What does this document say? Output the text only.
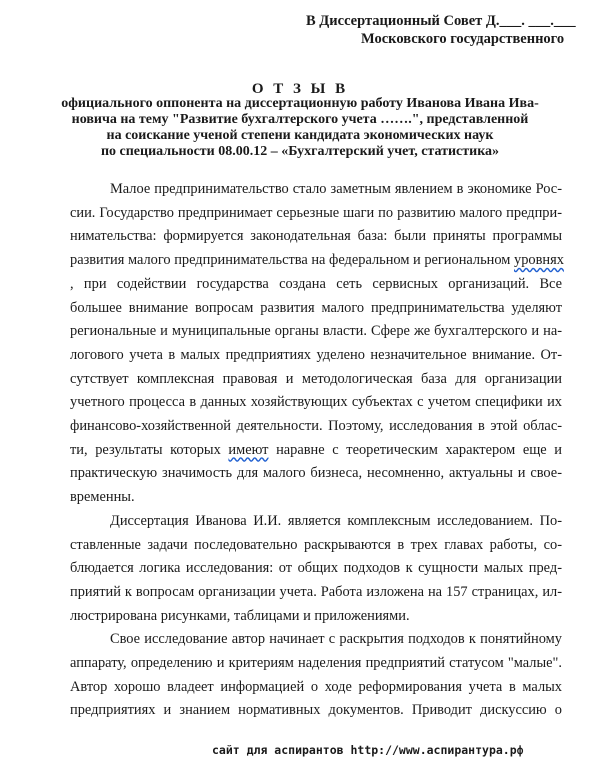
В Диссертационный Совет Д.___. ___.___
Московского государственного
О Т З Ы В
официального оппонента на диссертационную работу Иванова Ивана Ива-
новича на тему "Развитие бухгалтерского учета …….", представленной
на соискание ученой степени кандидата экономических наук
по специальности 08.00.12 – «Бухгалтерский учет, статистика»
Малое предпринимательство стало заметным явлением в экономике Рос-
сии. Государство предпринимает серьезные шаги по развитию малого предпри-
нимательства: формируется законодательная база: были приняты программы
развития малого предпринимательства на федеральном и региональном уровнях
, при содействии государства создана сеть сервисных организаций. Все
большее внимание вопросам развития малого предпринимательства уделяют
региональные и муниципальные органы власти. Сфере же бухгалтерского и на-
логового учета в малых предприятиях уделено незначительное внимание. От-
сутствует комплексная правовая и методологическая база для организации
учетного процесса в данных хозяйствующих субъектах с учетом специфики их
финансово-хозяйственной деятельности. Поэтому, исследования в этой облас-
ти, результаты которых имеют наравне с теоретическим характером еще и
практическую значимость для малого бизнеса, несомненно, актуальны и свое-
временны.
Диссертация Иванова И.И. является комплексным исследованием. По-
ставленные задачи последовательно раскрываются в трех главах работы, со-
блюдается логика исследования: от общих подходов к сущности малых пред-
приятий к вопросам организации учета. Работа изложена на 157 страницах, ил-
люстрирована рисунками, таблицами и приложениями.
Свое исследование автор начинает с раскрытия подходов к понятийному
аппарату, определению и критериям наделения предприятий статусом "малые".
Автор хорошо владеет информацией о ходе реформирования учета в малых
предприятиях и знанием нормативных документов. Приводит дискуссию о
сайт для аспирантов http://www.аспирантура.рф
